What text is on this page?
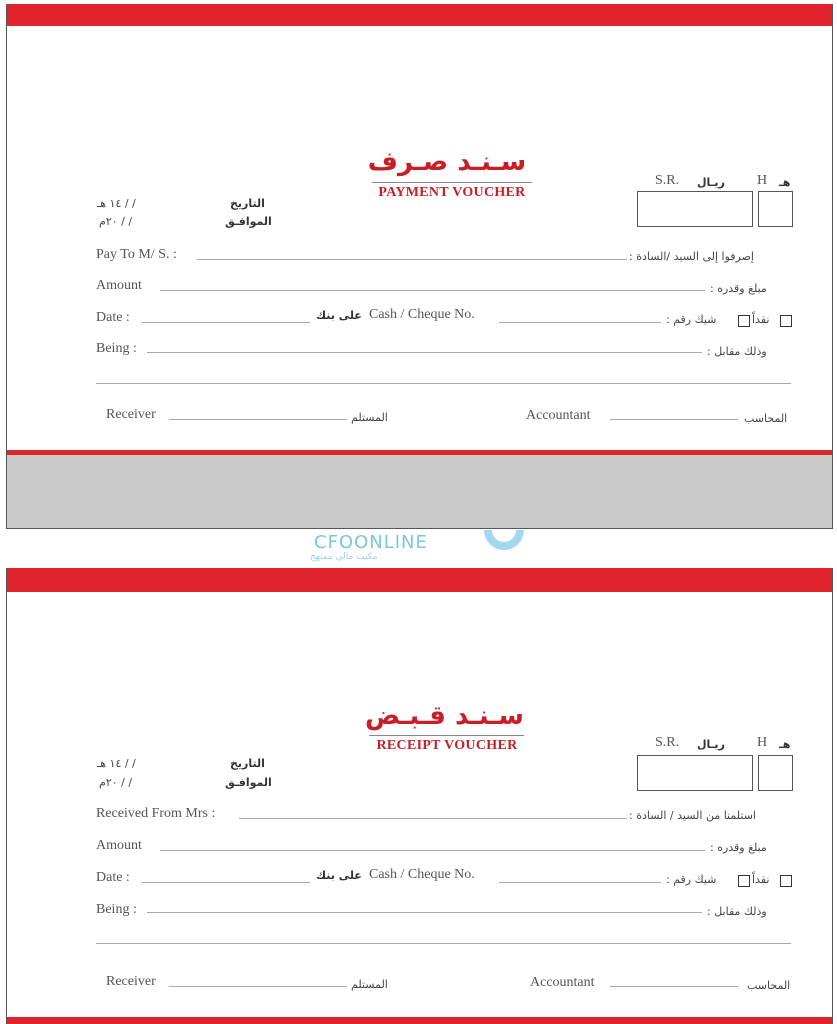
سـنـد صـرف
PAYMENT VOUCHER
التاريخ
/ / ١٤ هـ
الموافـق
/ / ٢٠م
S.R. ريـال H هـ
Pay To M/ S. :	إصرفوا إلى السيد /السادة :
Amount	مبلغ وقدره :
Date :	على بنك Cash / Cheque No.	شيك رقم :	نقداً
Being :	وذلك مقابل :
Receiver	المستلم	Accountant	المحاسب
CFOONLINE
مكتب مالي ممنهج
سـنـد قـبـض
RECEIPT VOUCHER
التاريخ
/ / ١٤ هـ
الموافـق
/ / ٢٠م
S.R. ريـال H هـ
Received From Mrs :	استلمنا من السيد / السادة :
Amount	مبلغ وقدره :
Date :	على بنك Cash / Cheque No.	شيك رقم :	نقداً
Being :	وذلك مقابل :
Receiver	المستلم	Accountant	المحاسب
